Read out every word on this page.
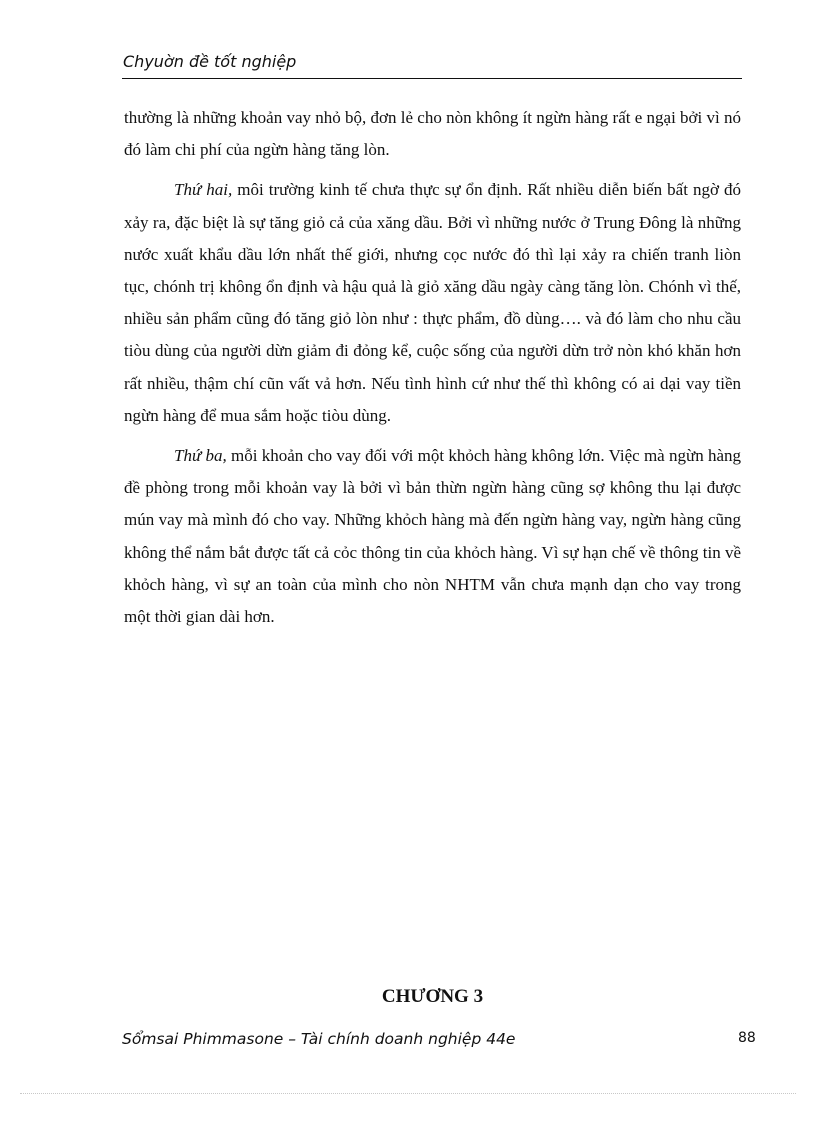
Chyuờn đề tốt nghiệp

thường là những khoản vay nhỏ bộ, đơn lẻ cho nòn không ít ngừn hàng rất e ngại bởi vì nó đó làm chi phí của ngừn hàng tăng lòn.

Thứ hai, môi trường kinh tế chưa thực sự ổn định. Rất nhiều diễn biến bất ngờ đó xảy ra, đặc biệt là sự tăng giỏ cả của xăng dầu. Bởi vì những nước ở Trung Đông là những nước xuất khẩu dầu lớn nhất thế giới, nhưng cọc nước đó thì lại xảy ra chiến tranh liòn tục, chónh trị không ổn định và hậu quả là giỏ xăng dầu ngày càng tăng lòn. Chónh vì thế, nhiều sản phẩm cũng đó tăng giỏ lòn như : thực phẩm, đồ dùng…. và đó làm cho nhu cầu tiòu dùng của người dừn giảm đi đỏng kể, cuộc sống của người dừn trở nòn khó khăn hơn rất nhiều, thậm chí cũn vất vả hơn. Nếu tình hình cứ như thế thì không có ai dại vay tiền ngừn hàng để mua sắm hoặc tiòu dùng.

Thứ ba, mỗi khoản cho vay đối với một khỏch hàng không lớn. Việc mà ngừn hàng đề phòng trong mỗi khoản vay là bởi vì bản thừn ngừn hàng cũng sợ không thu lại được mún vay mà mình đó cho vay. Những khỏch hàng mà đến ngừn hàng vay, ngừn hàng cũng không thể nắm bắt được tất cả cỏc thông tin của khỏch hàng. Vì sự hạn chế về thông tin về khỏch hàng, vì sự an toàn của mình cho nòn NHTM vẫn chưa mạnh dạn cho vay trong một thời gian dài hơn.

CHƯƠNG 3
Sổmsai Phimmasone – Tài chính doanh nghiệp 44e	88
